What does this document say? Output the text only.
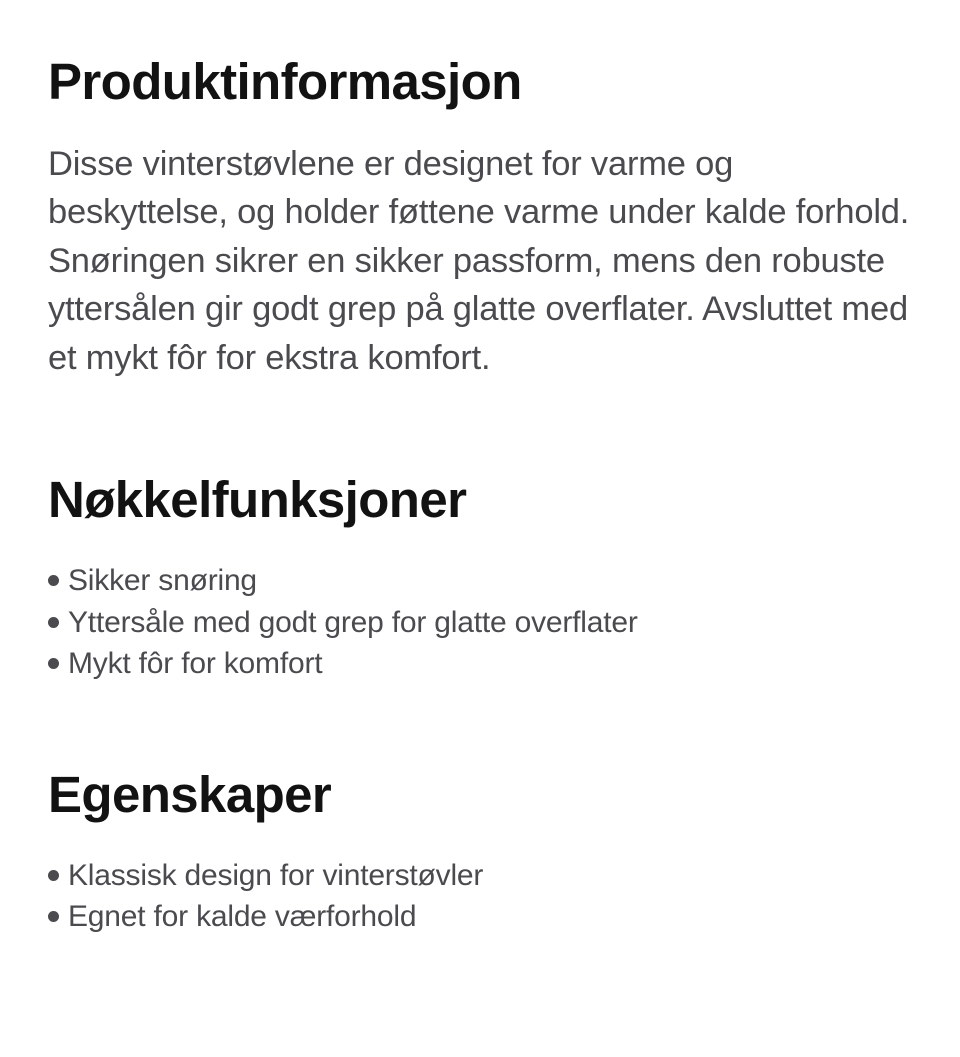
Produktinformasjon

Disse vinterstøvlene er designet for varme og beskyttelse, og holder føttene varme under kalde forhold. Snøringen sikrer en sikker passform, mens den robuste yttersålen gir godt grep på glatte overflater. Avsluttet med et mykt fôr for ekstra komfort.

Nøkkelfunksjoner
Sikker snøring
Yttersåle med godt grep for glatte overflater
Mykt fôr for komfort
Egenskaper
Klassisk design for vinterstøvler
Egnet for kalde værforhold
